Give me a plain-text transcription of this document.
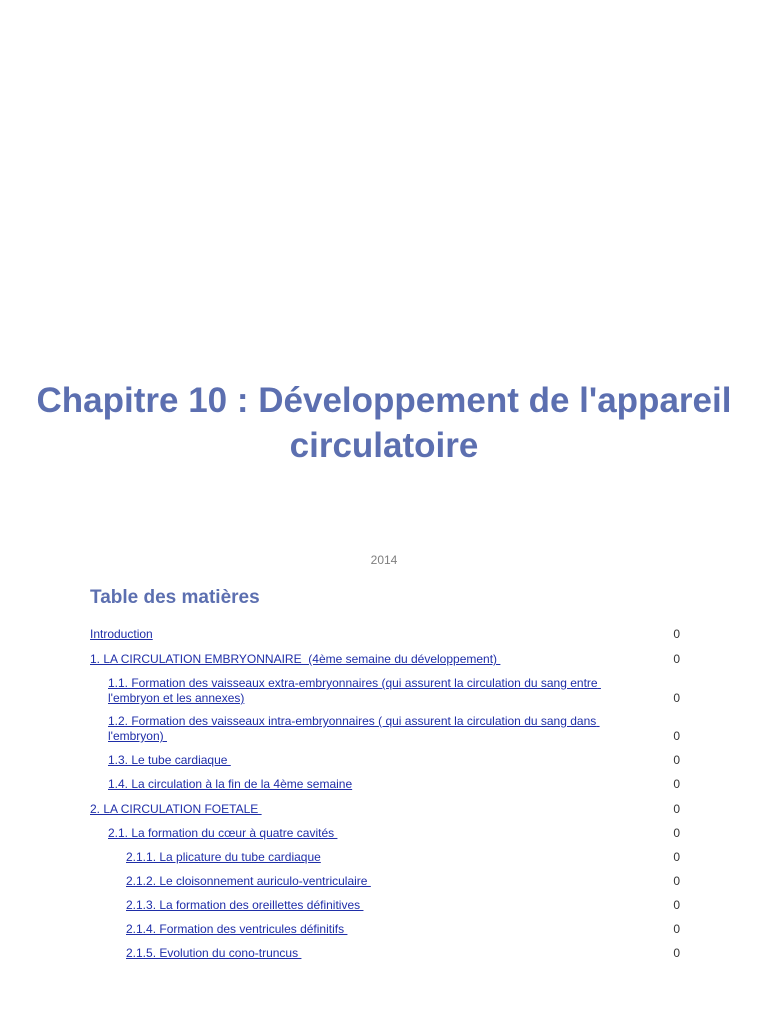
Chapitre 10 : Développement de l'appareil circulatoire
2014
Table des matières
Introduction	0
1. LA CIRCULATION EMBRYONNAIRE  (4ème semaine du développement)	0
1.1. Formation des vaisseaux extra-embryonnaires (qui assurent la circulation du sang entre l'embryon et les annexes)	0
1.2. Formation des vaisseaux intra-embryonnaires ( qui assurent la circulation du sang dans l'embryon)	0
1.3. Le tube cardiaque	0
1.4. La circulation à la fin de la 4ème semaine	0
2. LA CIRCULATION FOETALE	0
2.1. La formation du cœur à quatre cavités	0
2.1.1. La plicature du tube cardiaque	0
2.1.2. Le cloisonnement auriculo-ventriculaire	0
2.1.3. La formation des oreillettes définitives	0
2.1.4. Formation des ventricules définitifs	0
2.1.5. Evolution du cono-truncus	0
